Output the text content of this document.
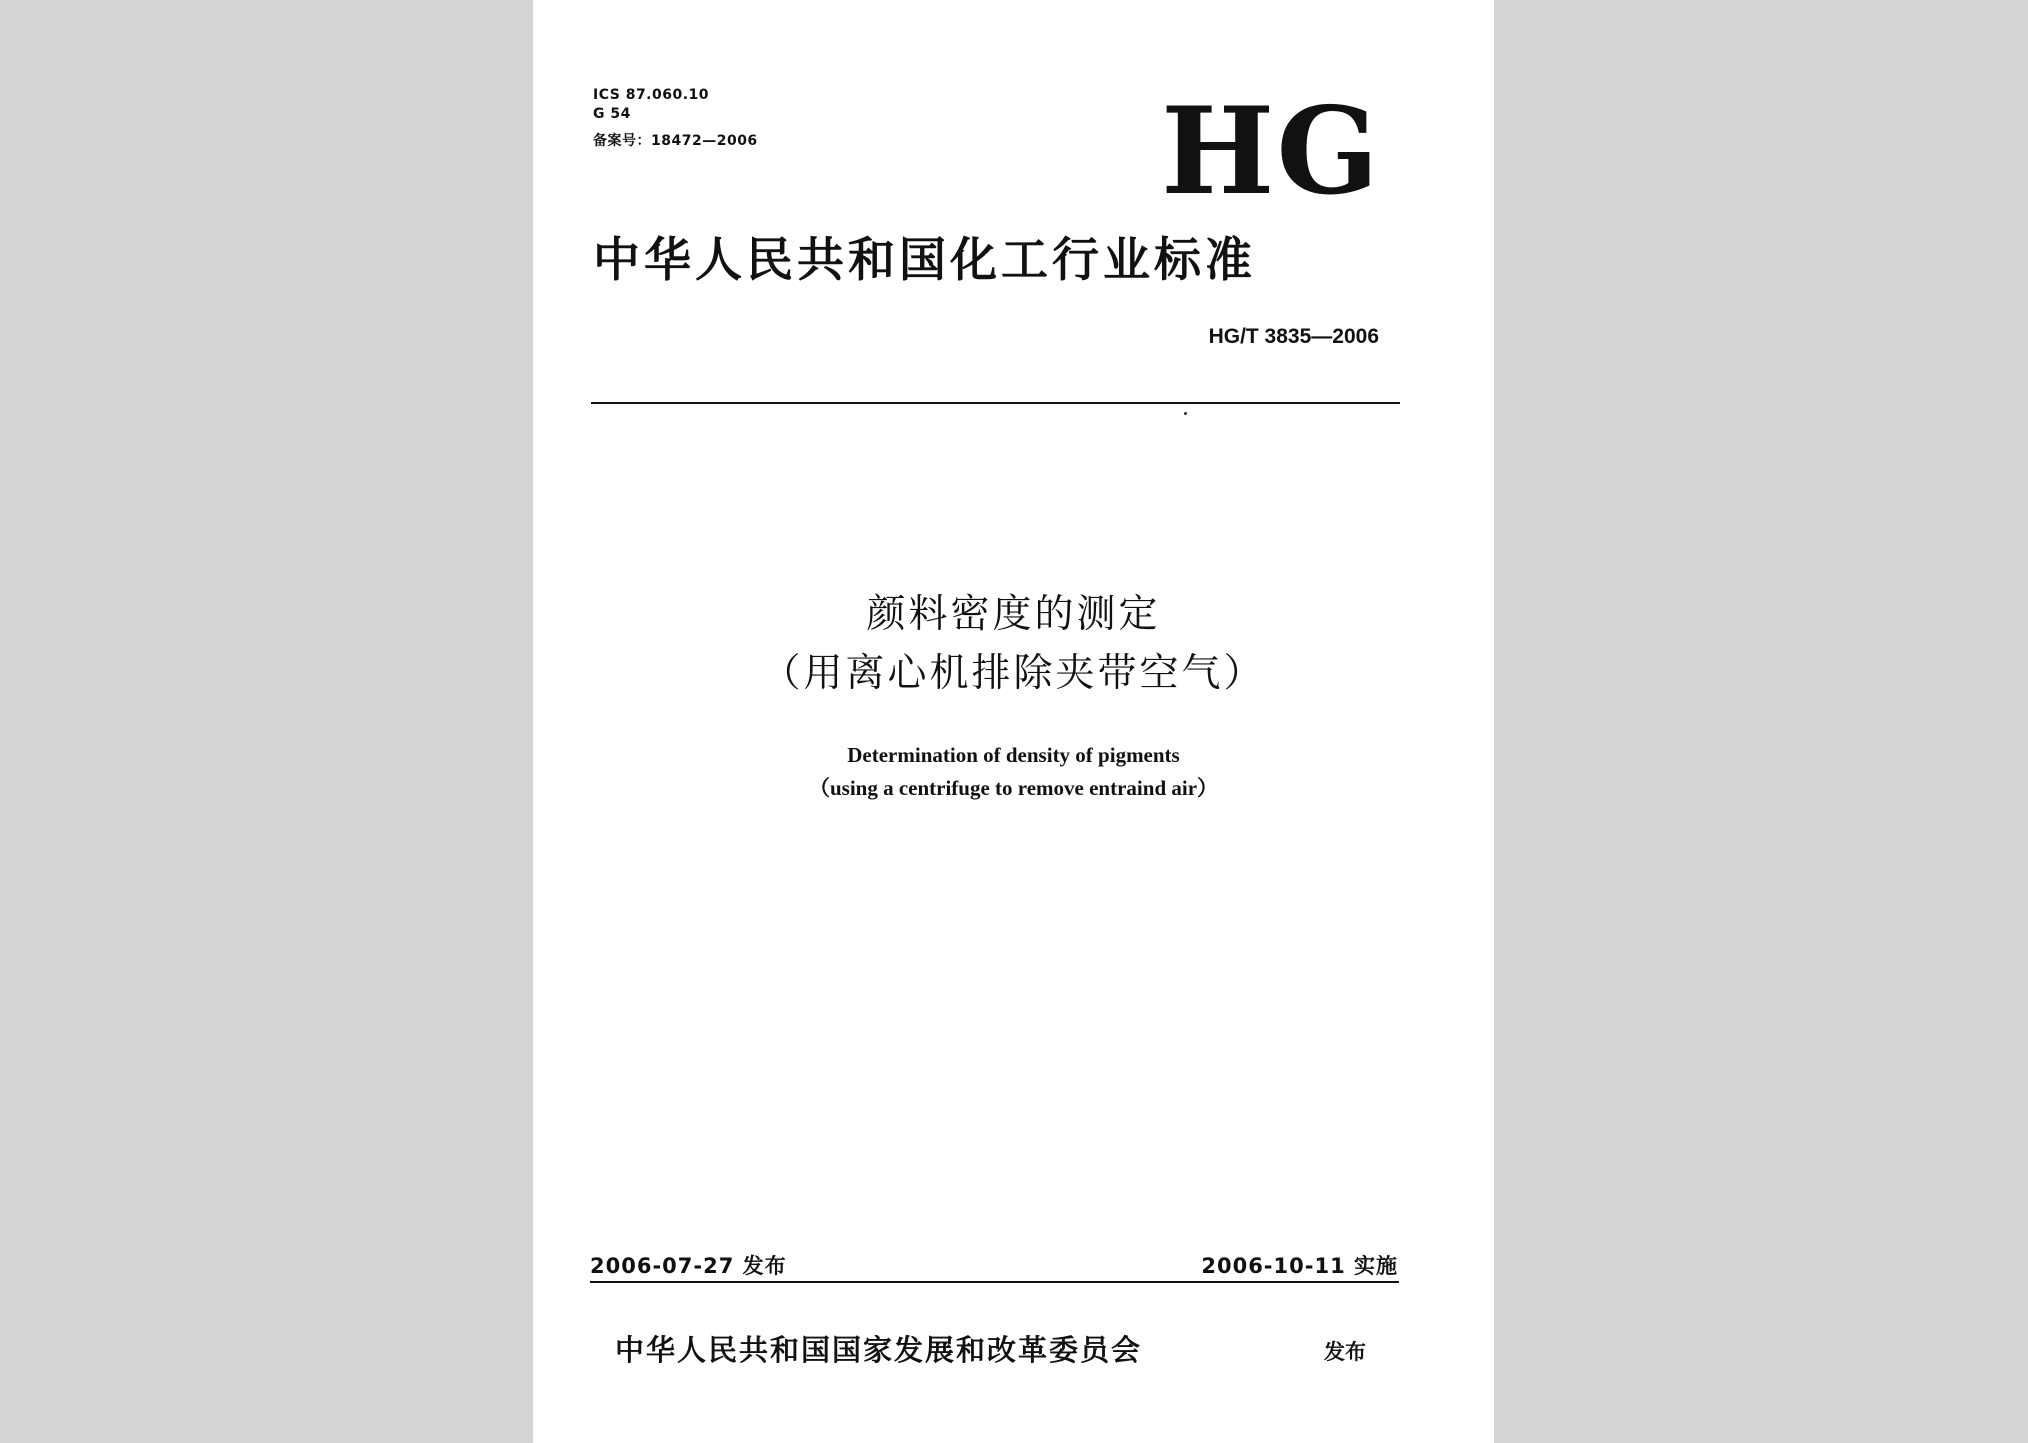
ICS 87.060.10
G 54
备案号：18472—2006	HG
中华人民共和国化工行业标准
HG/T 3835—2006
颜料密度的测定
（用离心机排除夹带空气）
Determination of density of pigments
（using a centrifuge to remove entraind air）
2006-07-27 发布	2006-10-11 实施
中华人民共和国国家发展和改革委员会	发布
